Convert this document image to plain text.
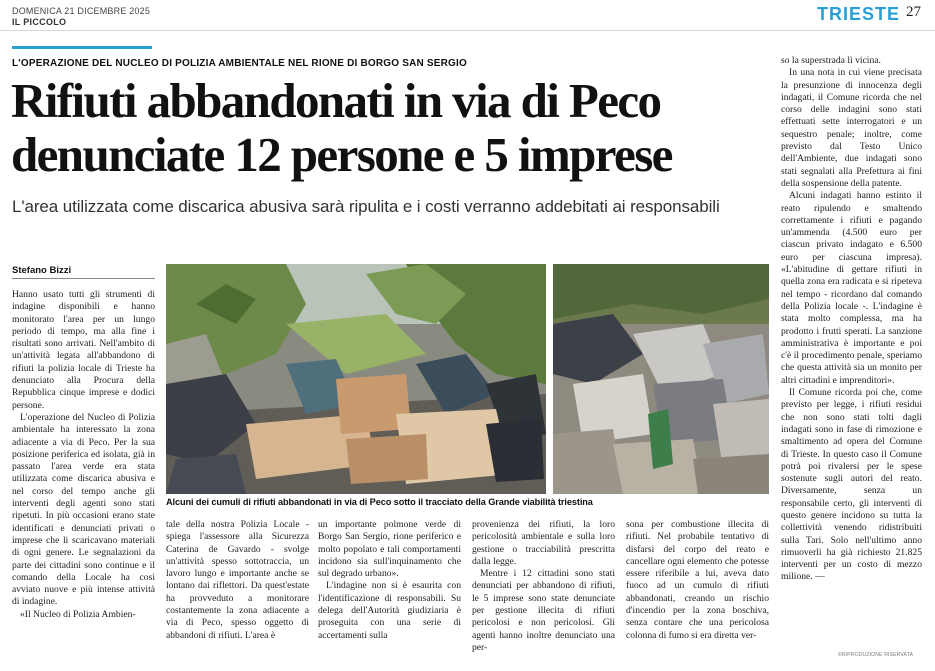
DOMENICA 21 DICEMBRE 2025
IL PICCOLO	TRIESTE 27
L'OPERAZIONE DEL NUCLEO DI POLIZIA AMBIENTALE NEL RIONE DI BORGO SAN SERGIO
Rifiuti abbandonati in via di Peco
denunciate 12 persone e 5 imprese
L'area utilizzata come discarica abusiva sarà ripulita e i costi verranno addebitati ai responsabili
Stefano Bizzi

Hanno usato tutti gli strumenti di indagine disponibili e hanno monitorato l'area per un lungo periodo di tempo, ma alla fine i risultati sono arrivati. Nell'ambito di un'attività legata all'abbandono di rifiuti la polizia locale di Trieste ha denunciato alla Procura della Repubblica cinque imprese e dodici persone.

L'operazione del Nucleo di Polizia ambientale ha interessato la zona adiacente a via di Peco. Per la sua posizione periferica ed isolata, già in passato l'area verde era stata utilizzata come discarica abusiva e nel corso del tempo anche gli interventi degli agenti sono stati ripetuti. In più occasioni erano state identificati e denunciati privati o imprese che li scaricavano materiali di ogni genere. Le segnalazioni da parte dei cittadini sono continue e il comando della Locale ha così avviato nuove e più intense attività di indagine.

«Il Nucleo di Polizia Ambien-

Alcuni dei cumuli di rifiuti abbandonati in via di Peco sotto il tracciato della Grande viabilità triestina

tale della nostra Polizia Locale - spiega l'assessore alla Sicurezza Caterina de Gavardo - svolge un'attività spesso sottotraccia, un lavoro lungo e importante anche se lontano dai riflettori. Da quest'estate ha provveduto a monitorare costantemente la zona adiacente a via di Peco, spesso oggetto di abbandoni di rifiuti. L'area è

un importante polmone verde di Borgo San Sergio, rione periferico e molto popolato e tali comportamenti incidono sia sull'inquinamento che sul degrado urbano».

L'indagine non si è esaurita con l'identificazione di responsabili. Su delega dell'Autorità giudiziaria è proseguita con una serie di accertamenti sulla

provenienza dei rifiuti, la loro pericolosità ambientale e sulla loro gestione o tracciabilità prescritta dalla legge.

Mentre i 12 cittadini sono stati denunciati per abbandono di rifiuti, le 5 imprese sono state denunciate per gestione illecita di rifiuti pericolosi e non pericolosi. Gli agenti hanno inoltre denunciato una per-

sona per combustione illecita di rifiuti. Nel probabile tentativo di disfarsi del corpo del reato e cancellare ogni elemento che potesse essere riferibile a lui, aveva dato fuoco ad un cumulo di rifiuti abbandonati, creando un rischio d'incendio per la zona boschiva, senza contare che una pericolosa colonna di fumo si era diretta ver-

so la superstrada lì vicina.

In una nota in cui viene precisata la presunzione di innocenza degli indagati, il Comune ricorda che nel corso delle indagini sono stati effettuati sette interrogatori e un sequestro penale; inoltre, come previsto dal Testo Unico dell'Ambiente, due indagati sono stati segnalati alla Prefettura ai fini della sospensione della patente.

Alcuni indagati hanno estinto il reato ripulendo e smaltendo correttamente i rifiuti e pagando un'ammenda (4.500 euro per ciascun privato indagato e 6.500 euro per ciascuna impresa). «L'abitudine di gettare rifiuti in quella zona era radicata e si ripeteva nel tempo - ricordano dal comando della Polizia locale -. L'indagine è stata molto complessa, ma ha prodotto i frutti sperati. La sanzione amministrativa è importante e poi c'è il procedimento penale, speriamo che questa attività sia un monito per altri cittadini e imprenditori».

Il Comune ricorda poi che, come previsto per legge, i rifiuti residui che non sono stati tolti dagli indagati sono in fase di rimozione e smaltimento ad opera del Comune di Trieste. In questo caso il Comune potrà poi rivalersi per le spese sostenute sugli autori del reato. Diversamente, senza un responsabile certo, gli interventi di questo genere incidono su tutta la collettività venendo ridistribuiti sulla Tari. Solo nell'ultimo anno rimuoverli ha già richiesto 21.825 interventi per un costo di mezzo milione. —

©RIPRODUZIONE RISERVATA
